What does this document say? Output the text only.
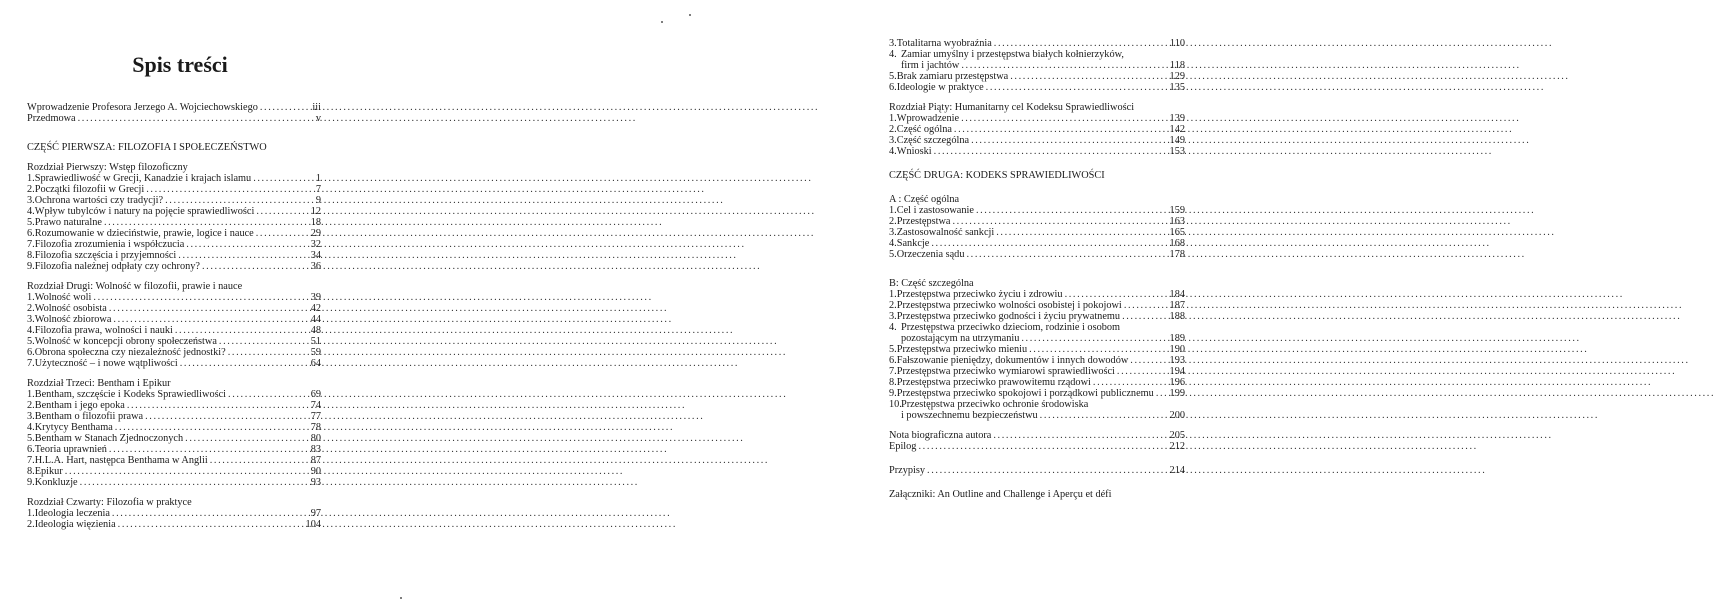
Spis treści
Wprowadzenie Profesora Jerzego A. Wojciechowskiego .....	iii
Przedmowa .....	v
CZĘŚĆ PIERWSZA: FILOZOFIA I SPOŁECZEŃSTWO
Rozdział Pierwszy: Wstęp filozoficzny
1. Sprawiedliwość w Grecji, Kanadzie i krajach islamu .....	1
2. Początki filozofii w Grecji .....	7
3. Ochrona wartości czy tradycji? .....	9
4. Wpływ tubylców i natury na pojęcie sprawiedliwości .....	12
5. Prawo naturalne .....	18
6. Rozumowanie w dzieciństwie, prawie, logice i nauce .....	29
7. Filozofia zrozumienia i współczucia .....	32
8. Filozofia szczęścia i przyjemności .....	34
9. Filozofia należnej odpłaty czy ochrony? .....	36
Rozdział Drugi: Wolność w filozofii, prawie i nauce
1. Wolność woli .....	39
2. Wolność osobista .....	42
3. Wolność zbiorowa .....	44
4. Filozofia prawa, wolności i nauki .....	48
5. Wolność w koncepcji obrony społeczeństwa .....	51
6. Obrona społeczna czy niezależność jednostki? .....	59
7. Użyteczność – i nowe wątpliwości .....	64
Rozdział Trzeci: Bentham i Epikur
1. Bentham, szczęście i Kodeks Sprawiedliwości .....	69
2. Bentham i jego epoka .....	74
3. Bentham o filozofii prawa .....	77
4. Krytycy Benthama .....	78
5. Bentham w Stanach Zjednoczonych .....	80
6. Teoria uprawnień .....	83
7. H.L.A. Hart, następca Benthama w Anglii .....	87
8. Epikur .....	90
9. Konkluzje .....	93
Rozdział Czwarty: Filozofia w praktyce
1. Ideologia leczenia .....	97
2. Ideologia więzienia .....	104
3. Totalitarna wyobraźnia .....	110
4. Zamiar umyślny i przestępstwa białych kołnierzyków,
firm i jachtów .....	118
5. Brak zamiaru przestępstwa .....	129
6. Ideologie w praktyce .....	135
Rozdział Piąty: Humanitarny cel Kodeksu Sprawiedliwości
1. Wprowadzenie .....	139
2. Część ogólna .....	142
3. Część szczególna .....	149
4. Wnioski .....	153
CZĘŚĆ DRUGA: KODEKS SPRAWIEDLIWOŚCI
A : Część ogólna
1. Cel i zastosowanie .....	159
2. Przestępstwa .....	163
3. Zastosowalność sankcji .....	165
4. Sankcje .....	168
5. Orzeczenia sądu .....	178
B: Część szczególna
1. Przestępstwa przeciwko życiu i zdrowiu .....	184
2. Przestępstwa przeciwko wolności osobistej i pokojowi .....	187
3. Przestępstwa przeciwko godności i życiu prywatnemu .....	188
4. Przestępstwa przeciwko dzieciom, rodzinie i osobom
pozostającym na utrzymaniu .....	189
5. Przestępstwa przeciwko mieniu .....	190
6. Fałszowanie pieniędzy, dokumentów i innych dowodów .....	193
7. Przestępstwa przeciwko wymiarowi sprawiedliwości .....	194
8. Przestępstwa przeciwko prawowitemu rządowi .....	196
9. Przestępstwa przeciwko spokojowi i porządkowi publicznemu ..... 199
10.Przestępstwa przeciwko ochronie środowiska
i powszechnemu bezpieczeństwu .....	200
Nota biograficzna autora .....	205
Epilog .....	212
Przypisy .....	214
Załączniki: An Outline and Challenge i Aperçu et défi
